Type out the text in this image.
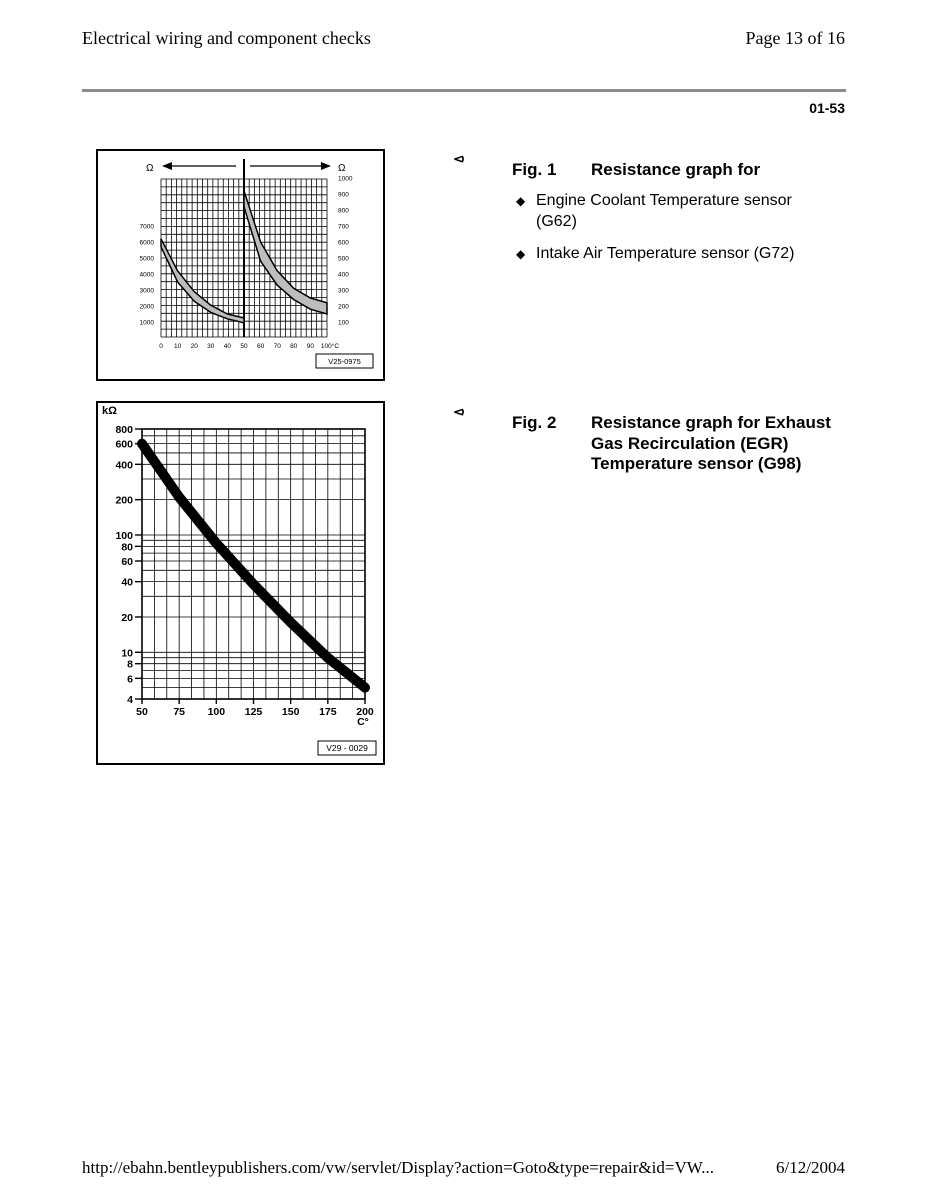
Electrical wiring and component checks	Page 13 of 16
01-53
Ω	Ω
7000
6000
5000
4000
3000
2000
1000
1000
900
800
700
600
500
400
300
200
100
0 10 20 30 40 50 60 70 80 90 100°C
V25-0975
⪦
Fig. 1 Resistance graph for
◆ Engine Coolant Temperature sensor (G62)
◆ Intake Air Temperature sensor (G72)
800
600
400
200
100
80
60
40
20
10
8
6
4
kΩ
50 75 100 125 150 175 200
C°
V29 - 0029
⪦
Fig. 2 Resistance graph for Exhaust Gas Recirculation (EGR) Temperature sensor (G98)
http://ebahn.bentleypublishers.com/vw/servlet/Display?action=Goto&type=repair&id=VW...	6/12/2004
